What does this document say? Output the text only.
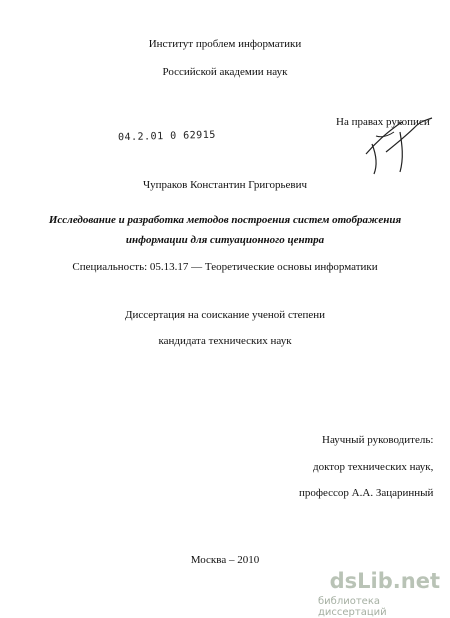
Институт проблем информатики
Российской академии наук
На правах рукописи
04.2.01 0 62915
Чупраков Константин Григорьевич
Исследование и разработка методов построения систем отображения
информации для ситуационного центра
Специальность: 05.13.17 — Теоретические основы информатики
Диссертация на соискание ученой степени
кандидата технических наук
Научный руководитель:
доктор технических наук,
профессор А.А. Зацаринный
Москва – 2010
dsLib.net
библиотека диссертаций
